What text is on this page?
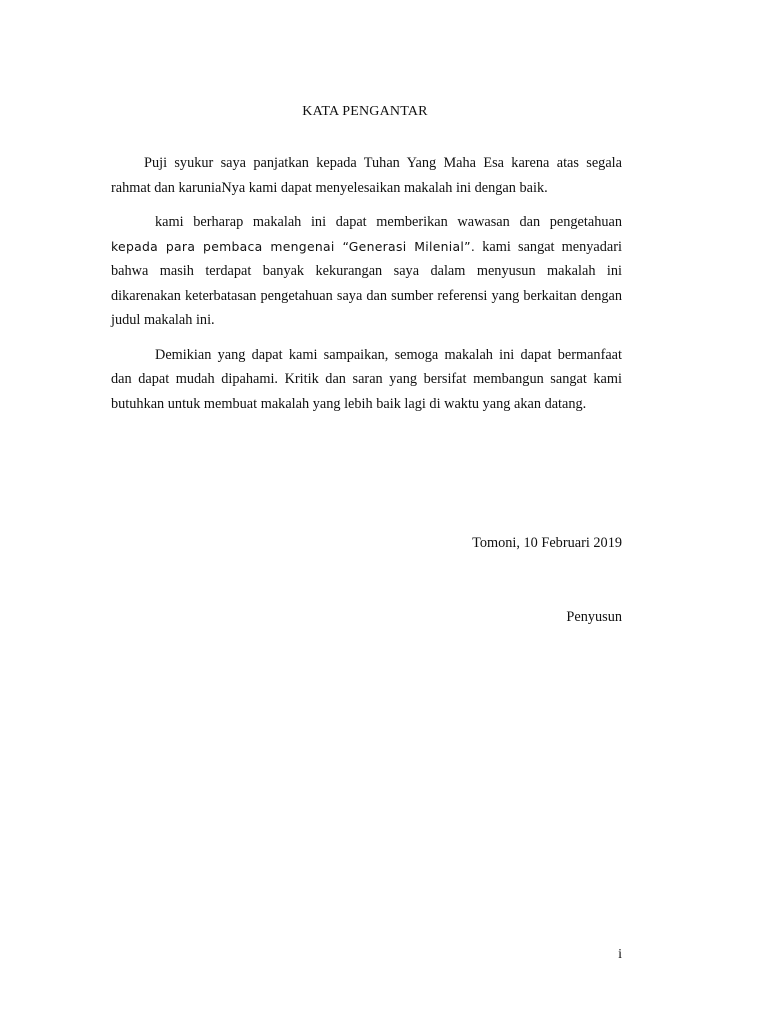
KATA PENGANTAR

Puji syukur saya panjatkan kepada Tuhan Yang Maha Esa karena atas segala rahmat dan karuniaNya kami dapat menyelesaikan makalah ini dengan baik.

kami berharap makalah ini dapat memberikan wawasan dan pengetahuan kepada para pembaca mengenai “Generasi Milenial”. kami sangat menyadari bahwa masih terdapat banyak kekurangan saya dalam menyusun makalah ini dikarenakan keterbatasan pengetahuan saya dan sumber referensi yang berkaitan dengan judul makalah ini.

Demikian yang dapat kami sampaikan, semoga makalah ini dapat bermanfaat dan dapat mudah dipahami. Kritik dan saran yang bersifat membangun sangat kami butuhkan untuk membuat makalah yang lebih baik lagi di waktu yang akan datang.

Tomoni, 10 Februari 2019
Penyusun
i
